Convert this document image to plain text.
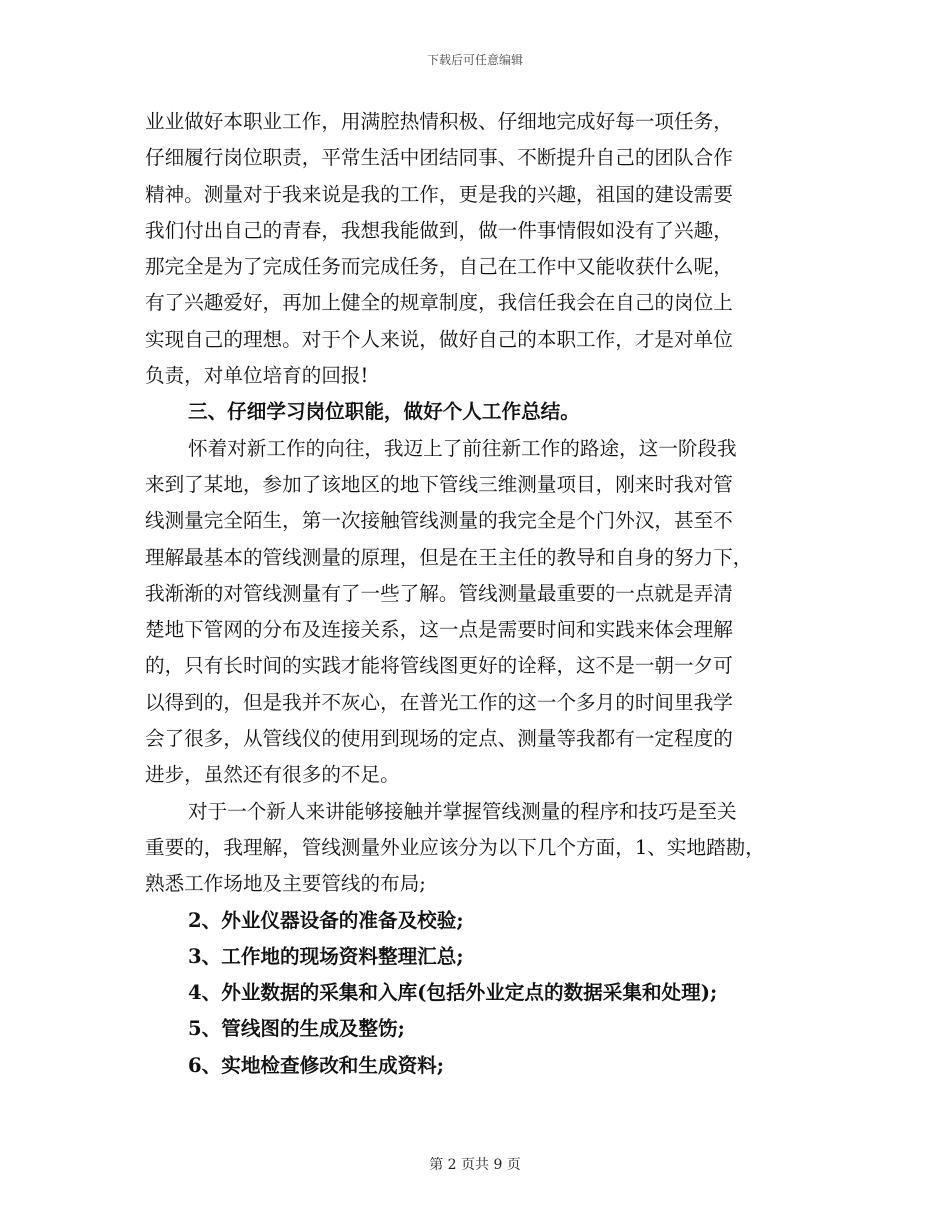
下载后可任意编辑
业业做好本职业工作，用满腔热情积极、仔细地完成好每一项任务，
仔细履行岗位职责，平常生活中团结同事、不断提升自己的团队合作
精神。测量对于我来说是我的工作，更是我的兴趣，祖国的建设需要
我们付出自己的青春，我想我能做到，做一件事情假如没有了兴趣，
那完全是为了完成任务而完成任务，自己在工作中又能收获什么呢，
有了兴趣爱好，再加上健全的规章制度，我信任我会在自己的岗位上
实现自己的理想。对于个人来说，做好自己的本职工作，才是对单位
负责，对单位培育的回报!
三、仔细学习岗位职能，做好个人工作总结。
怀着对新工作的向往，我迈上了前往新工作的路途，这一阶段我
来到了某地，参加了该地区的地下管线三维测量项目，刚来时我对管
线测量完全陌生，第一次接触管线测量的我完全是个门外汉，甚至不
理解最基本的管线测量的原理，但是在王主任的教导和自身的努力下，
我渐渐的对管线测量有了一些了解。管线测量最重要的一点就是弄清
楚地下管网的分布及连接关系，这一点是需要时间和实践来体会理解
的，只有长时间的实践才能将管线图更好的诠释，这不是一朝一夕可
以得到的，但是我并不灰心，在普光工作的这一个多月的时间里我学
会了很多，从管线仪的使用到现场的定点、测量等我都有一定程度的
进步，虽然还有很多的不足。
对于一个新人来讲能够接触并掌握管线测量的程序和技巧是至关
重要的，我理解，管线测量外业应该分为以下几个方面，1、实地踏勘，
熟悉工作场地及主要管线的布局;
2、外业仪器设备的准备及校验;
3、工作地的现场资料整理汇总;
4、外业数据的采集和入库(包括外业定点的数据采集和处理);
5、管线图的生成及整饬;
6、实地检查修改和生成资料;
第 2 页共 9 页
